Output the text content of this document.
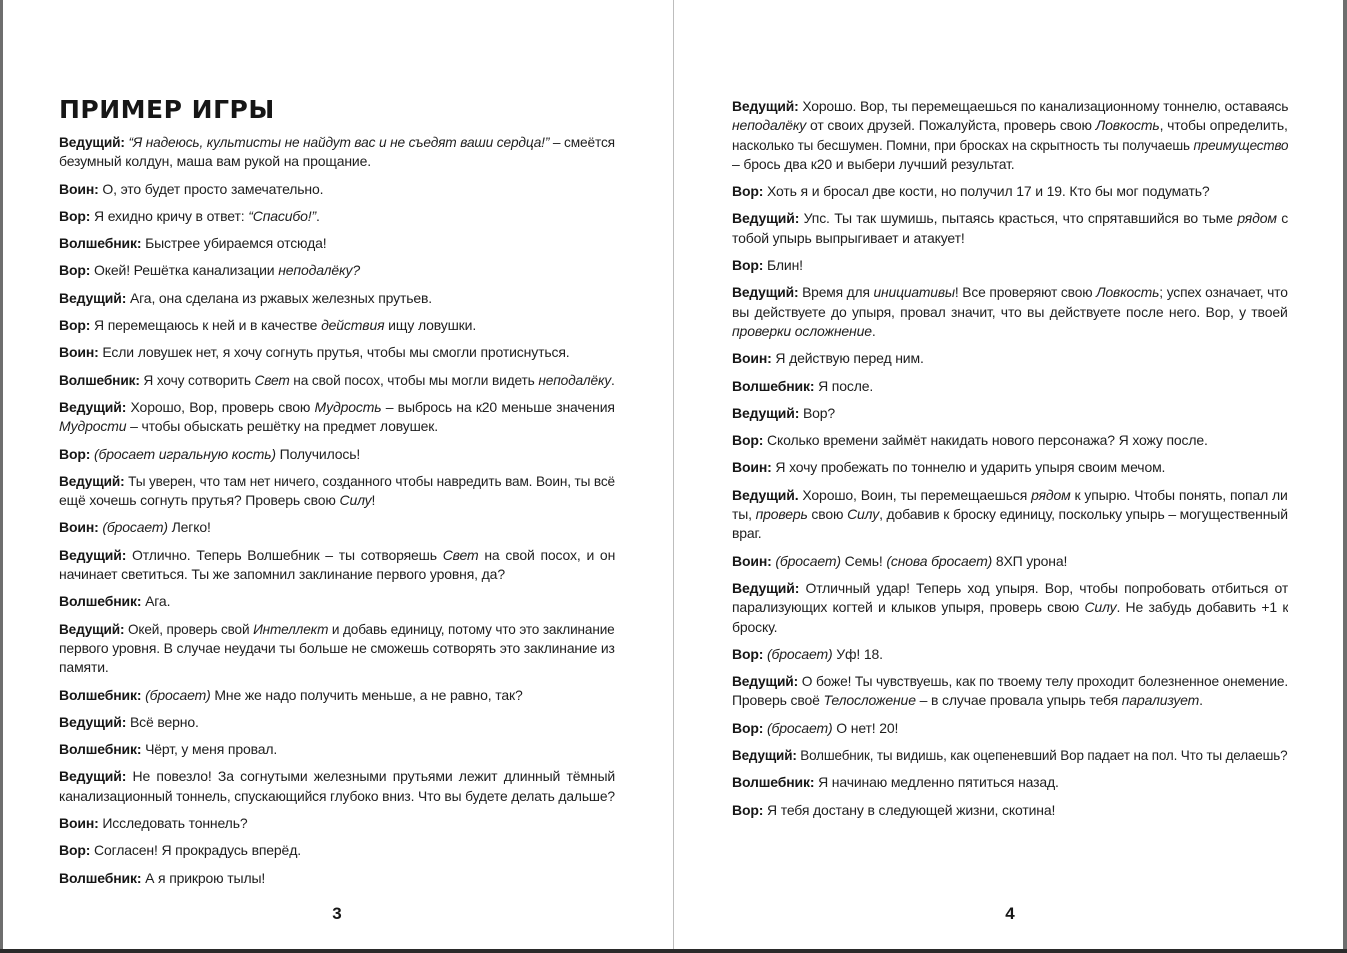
ПРИМЕР ИГРЫ

Ведущий: “Я надеюсь, культисты не найдут вас и не съедят ваши сердца!” – смеётся
безумный колдун, маша вам рукой на прощание.

Воин: О, это будет просто замечательно.

Вор: Я ехидно кричу в ответ: “Спасибо!”.

Волшебник: Быстрее убираемся отсюда!

Вор: Окей! Решётка канализации неподалёку?

Ведущий: Ага, она сделана из ржавых железных прутьев.

Вор: Я перемещаюсь к ней и в качестве действия ищу ловушки.

Воин: Если ловушек нет, я хочу согнуть прутья, чтобы мы смогли протиснуться.

Волшебник: Я хочу сотворить Свет на свой посох, чтобы мы могли видеть неподалёку.

Ведущий: Хорошо, Вор, проверь свою Мудрость – выбрось на к20 меньше значения
Мудрости – чтобы обыскать решётку на предмет ловушек.

Вор: (бросает игральную кость) Получилось!

Ведущий: Ты уверен, что там нет ничего, созданного чтобы навредить вам. Воин, ты всё
ещё хочешь согнуть прутья? Проверь свою Силу!

Воин: (бросает) Легко!

Ведущий: Отлично. Теперь Волшебник – ты сотворяешь Свет на свой посох, и он
начинает светиться. Ты же запомнил заклинание первого уровня, да?

Волшебник: Ага.

Ведущий: Окей, проверь свой Интеллект и добавь единицу, потому что это заклинание
первого уровня. В случае неудачи ты больше не сможешь сотворять это заклинание из
памяти.

Волшебник: (бросает) Мне же надо получить меньше, а не равно, так?

Ведущий: Всё верно.

Волшебник: Чёрт, у меня провал.

Ведущий: Не повезло! За согнутыми железными прутьями лежит длинный тёмный
канализационный тоннель, спускающийся глубоко вниз. Что вы будете делать дальше?

Воин: Исследовать тоннель?

Вор: Согласен! Я прокрадусь вперёд.

Волшебник: А я прикрою тылы!

3

Ведущий: Хорошо. Вор, ты перемещаешься по канализационному тоннелю, оставаясь
неподалёку от своих друзей. Пожалуйста, проверь свою Ловкость, чтобы определить,
насколько ты бесшумен. Помни, при бросках на скрытность ты получаешь преимущество
– брось два к20 и выбери лучший результат.

Вор: Хоть я и бросал две кости, но получил 17 и 19. Кто бы мог подумать?

Ведущий: Упс. Ты так шумишь, пытаясь красться, что спрятавшийся во тьме рядом с
тобой упырь выпрыгивает и атакует!

Вор: Блин!

Ведущий: Время для инициативы! Все проверяют свою Ловкость; успех означает, что
вы действуете до упыря, провал значит, что вы действуете после него. Вор, у твоей
проверки осложнение.

Воин: Я действую перед ним.

Волшебник: Я после.

Ведущий: Вор?

Вор: Сколько времени займёт накидать нового персонажа? Я хожу после.

Воин: Я хочу пробежать по тоннелю и ударить упыря своим мечом.

Ведущий. Хорошо, Воин, ты перемещаешься рядом к упырю. Чтобы понять, попал ли
ты, проверь свою Силу, добавив к броску единицу, поскольку упырь – могущественный
враг.

Воин: (бросает) Семь! (снова бросает) 8ХП урона!

Ведущий: Отличный удар! Теперь ход упыря. Вор, чтобы попробовать отбиться от
парализующих когтей и клыков упыря, проверь свою Силу. Не забудь добавить +1 к
броску.

Вор: (бросает) Уф! 18.

Ведущий: О боже! Ты чувствуешь, как по твоему телу проходит болезненное онемение.
Проверь своё Телосложение – в случае провала упырь тебя парализует.

Вор: (бросает) О нет! 20!

Ведущий: Волшебник, ты видишь, как оцепеневший Вор падает на пол. Что ты делаешь?

Волшебник: Я начинаю медленно пятиться назад.

Вор: Я тебя достану в следующей жизни, скотина!

4
